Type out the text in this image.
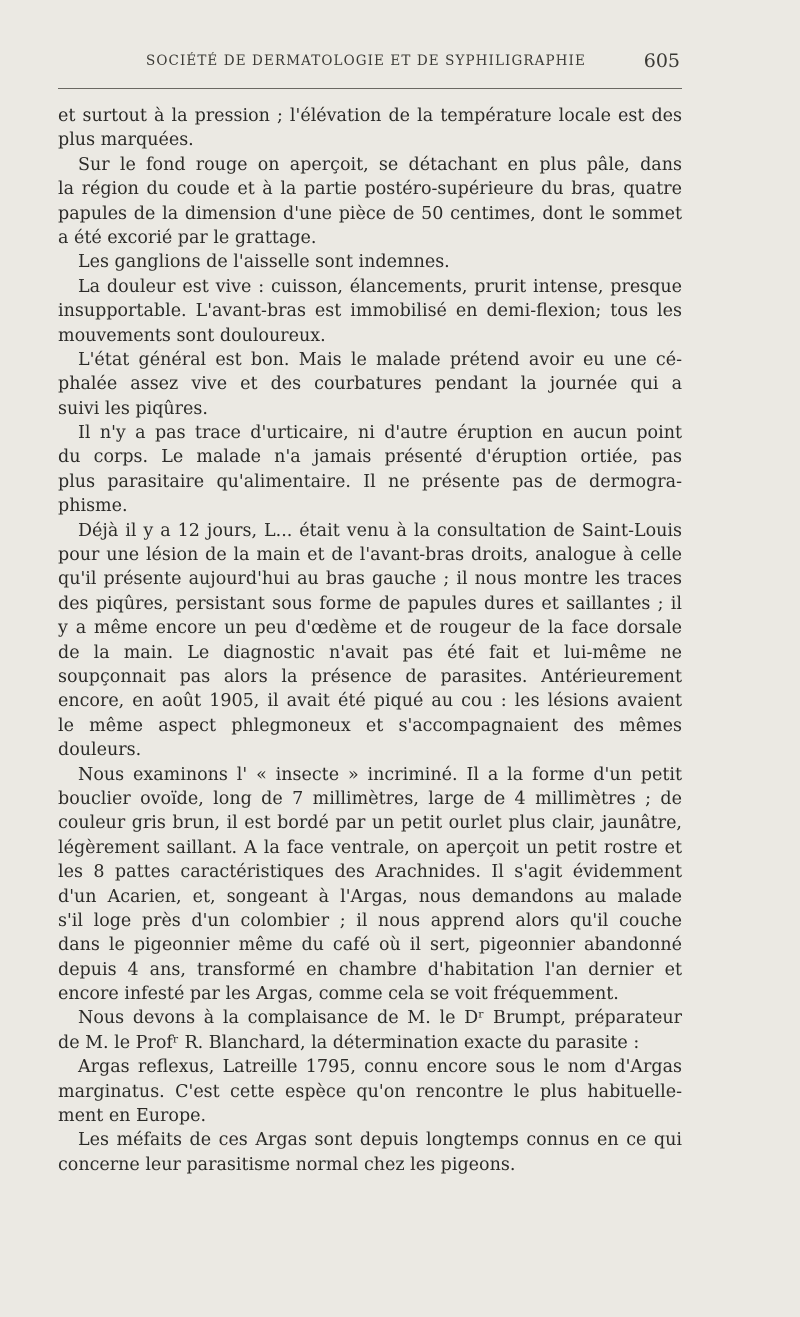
SOCIÉTÉ DE DERMATOLOGIE ET DE SYPHILIGRAPHIE	605
et surtout à la pression ; l'élévation de la température locale est des
plus marquées.
Sur le fond rouge on aperçoit, se détachant en plus pâle, dans
la région du coude et à la partie postéro-supérieure du bras, quatre
papules de la dimension d'une pièce de 50 centimes, dont le sommet
a été excorié par le grattage.
Les ganglions de l'aisselle sont indemnes.
La douleur est vive : cuisson, élancements, prurit intense, presque
insupportable. L'avant-bras est immobilisé en demi-flexion; tous les
mouvements sont douloureux.
L'état général est bon. Mais le malade prétend avoir eu une cé-
phalée assez vive et des courbatures pendant la journée qui a
suivi les piqûres.
Il n'y a pas trace d'urticaire, ni d'autre éruption en aucun point
du corps. Le malade n'a jamais présenté d'éruption ortiée, pas
plus parasitaire qu'alimentaire. Il ne présente pas de dermogra-
phisme.
Déjà il y a 12 jours, L... était venu à la consultation de Saint-Louis
pour une lésion de la main et de l'avant-bras droits, analogue à celle
qu'il présente aujourd'hui au bras gauche ; il nous montre les traces
des piqûres, persistant sous forme de papules dures et saillantes ; il
y a même encore un peu d'œdème et de rougeur de la face dorsale
de la main. Le diagnostic n'avait pas été fait et lui-même ne
soupçonnait pas alors la présence de parasites. Antérieurement
encore, en août 1905, il avait été piqué au cou : les lésions avaient
le même aspect phlegmoneux et s'accompagnaient des mêmes
douleurs.
Nous examinons l' « insecte » incriminé. Il a la forme d'un petit
bouclier ovoïde, long de 7 millimètres, large de 4 millimètres ; de
couleur gris brun, il est bordé par un petit ourlet plus clair, jaunâtre,
légèrement saillant. A la face ventrale, on aperçoit un petit rostre et
les 8 pattes caractéristiques des Arachnides. Il s'agit évidemment
d'un Acarien, et, songeant à l'Argas, nous demandons au malade
s'il loge près d'un colombier ; il nous apprend alors qu'il couche
dans le pigeonnier même du café où il sert, pigeonnier abandonné
depuis 4 ans, transformé en chambre d'habitation l'an dernier et
encore infesté par les Argas, comme cela se voit fréquemment.
Nous devons à la complaisance de M. le Dʳ Brumpt, préparateur
de M. le Profʳ R. Blanchard, la détermination exacte du parasite :
Argas reflexus, Latreille 1795, connu encore sous le nom d'Argas
marginatus. C'est cette espèce qu'on rencontre le plus habituelle-
ment en Europe.
Les méfaits de ces Argas sont depuis longtemps connus en ce qui
concerne leur parasitisme normal chez les pigeons.
